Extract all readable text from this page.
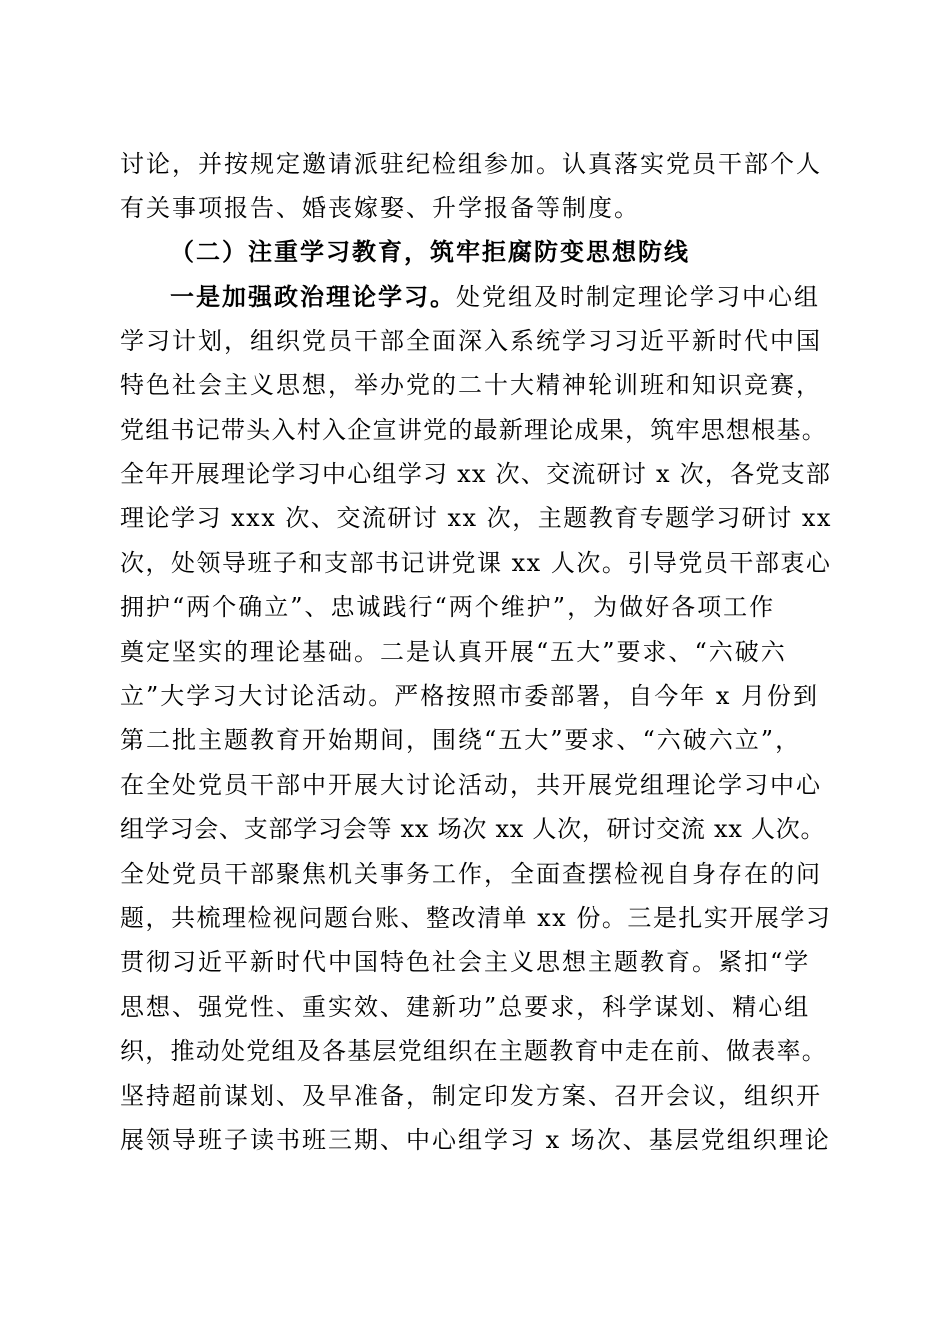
讨论，并按规定邀请派驻纪检组参加。认真落实党员干部个人
有关事项报告、婚丧嫁娶、升学报备等制度。
（二）注重学习教育，筑牢拒腐防变思想防线
一是加强政治理论学习。处党组及时制定理论学习中心组
学习计划，组织党员干部全面深入系统学习习近平新时代中国
特色社会主义思想，举办党的二十大精神轮训班和知识竞赛，
党组书记带头入村入企宣讲党的最新理论成果，筑牢思想根基。
全年开展理论学习中心组学习 xx 次、交流研讨 x 次，各党支部
理论学习 xxx 次、交流研讨 xx 次，主题教育专题学习研讨 xx
次，处领导班子和支部书记讲党课 xx 人次。引导党员干部衷心
拥护“两个确立”、忠诚践行“两个维护”，为做好各项工作
奠定坚实的理论基础。二是认真开展“五大”要求、“六破六
立”大学习大讨论活动。严格按照市委部署，自今年 x 月份到
第二批主题教育开始期间，围绕“五大”要求、“六破六立”，
在全处党员干部中开展大讨论活动，共开展党组理论学习中心
组学习会、支部学习会等 xx 场次 xx 人次，研讨交流 xx 人次。
全处党员干部聚焦机关事务工作，全面查摆检视自身存在的问
题，共梳理检视问题台账、整改清单 xx 份。三是扎实开展学习
贯彻习近平新时代中国特色社会主义思想主题教育。紧扣“学
思想、强党性、重实效、建新功”总要求，科学谋划、精心组
织，推动处党组及各基层党组织在主题教育中走在前、做表率。
坚持超前谋划、及早准备，制定印发方案、召开会议，组织开
展领导班子读书班三期、中心组学习 x 场次、基层党组织理论
